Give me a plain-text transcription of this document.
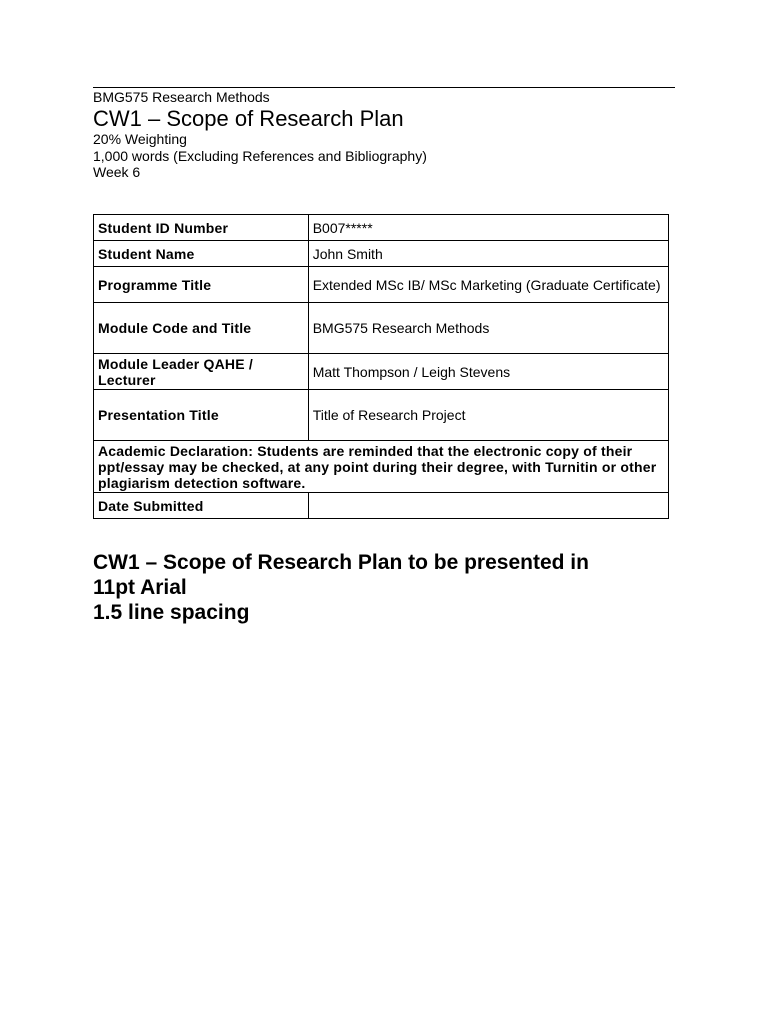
BMG575 Research Methods
CW1 – Scope of Research Plan
20% Weighting
1,000 words (Excluding References and Bibliography)
Week 6
Student ID Number	B007*****
Student Name	John Smith
Programme Title	Extended MSc IB/ MSc Marketing (Graduate Certificate)
Module Code and Title	BMG575 Research Methods
Module Leader QAHE / Lecturer	Matt Thompson / Leigh Stevens
Presentation Title	Title of Research Project
Academic Declaration: Students are reminded that the electronic copy of their ppt/essay may be checked, at any point during their degree, with Turnitin or other plagiarism detection software.	
Date Submitted	
CW1 – Scope of Research Plan to be presented in
11pt Arial
1.5 line spacing
